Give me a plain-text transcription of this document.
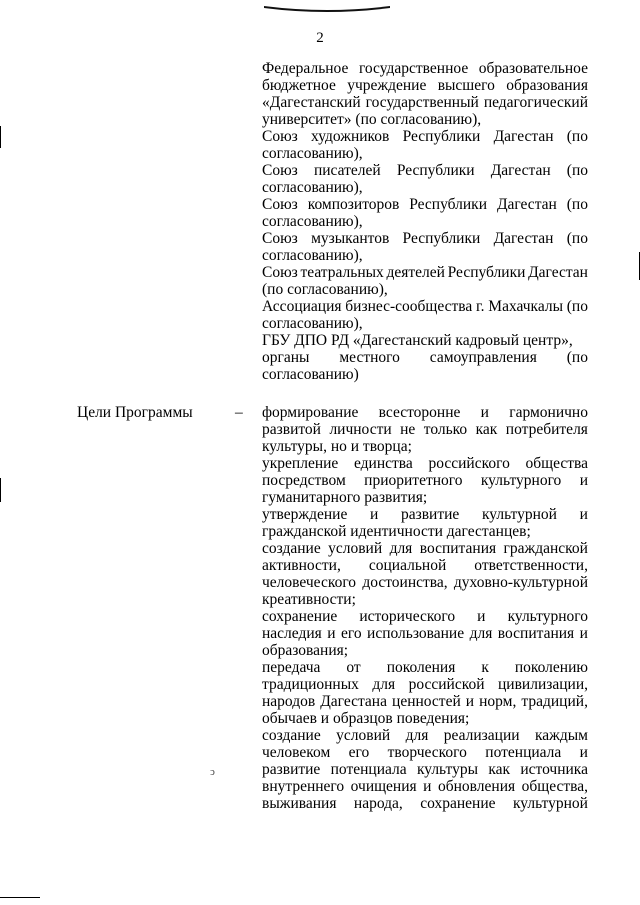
2
Федеральное государственное образовательное
бюджетное учреждение высшего образования
«Дагестанский государственный педагогический
университет» (по согласованию),
Союз художников Республики Дагестан (по
согласованию),
Союз писателей Республики Дагестан (по
согласованию),
Союз композиторов Республики Дагестан (по
согласованию),
Союз музыкантов Республики Дагестан (по
согласованию),
Союз театральных деятелей Республики Дагестан
(по согласованию),
Ассоциация бизнес-сообщества г. Махачкалы (по
согласованию),
ГБУ ДПО РД «Дагестанский кадровый центр»,
органы местного самоуправления (по
согласованию)
Цели Программы	– формирование всесторонне и гармонично
развитой личности не только как потребителя
культуры, но и творца;
укрепление единства российского общества
посредством приоритетного культурного и
гуманитарного развития;
утверждение и развитие культурной и
гражданской идентичности дагестанцев;
создание условий для воспитания гражданской
активности, социальной ответственности,
человеческого достоинства, духовно-культурной
креативности;
сохранение исторического и культурного
наследия и его использование для воспитания и
образования;
передача от поколения к поколению
традиционных для российской цивилизации,
народов Дагестана ценностей и норм, традиций,
обычаев и образцов поведения;
создание условий для реализации каждым
человеком его творческого потенциала и
развитие потенциала культуры как источника
внутреннего очищения и обновления общества,
выживания народа, сохранение культурной
ↄ
